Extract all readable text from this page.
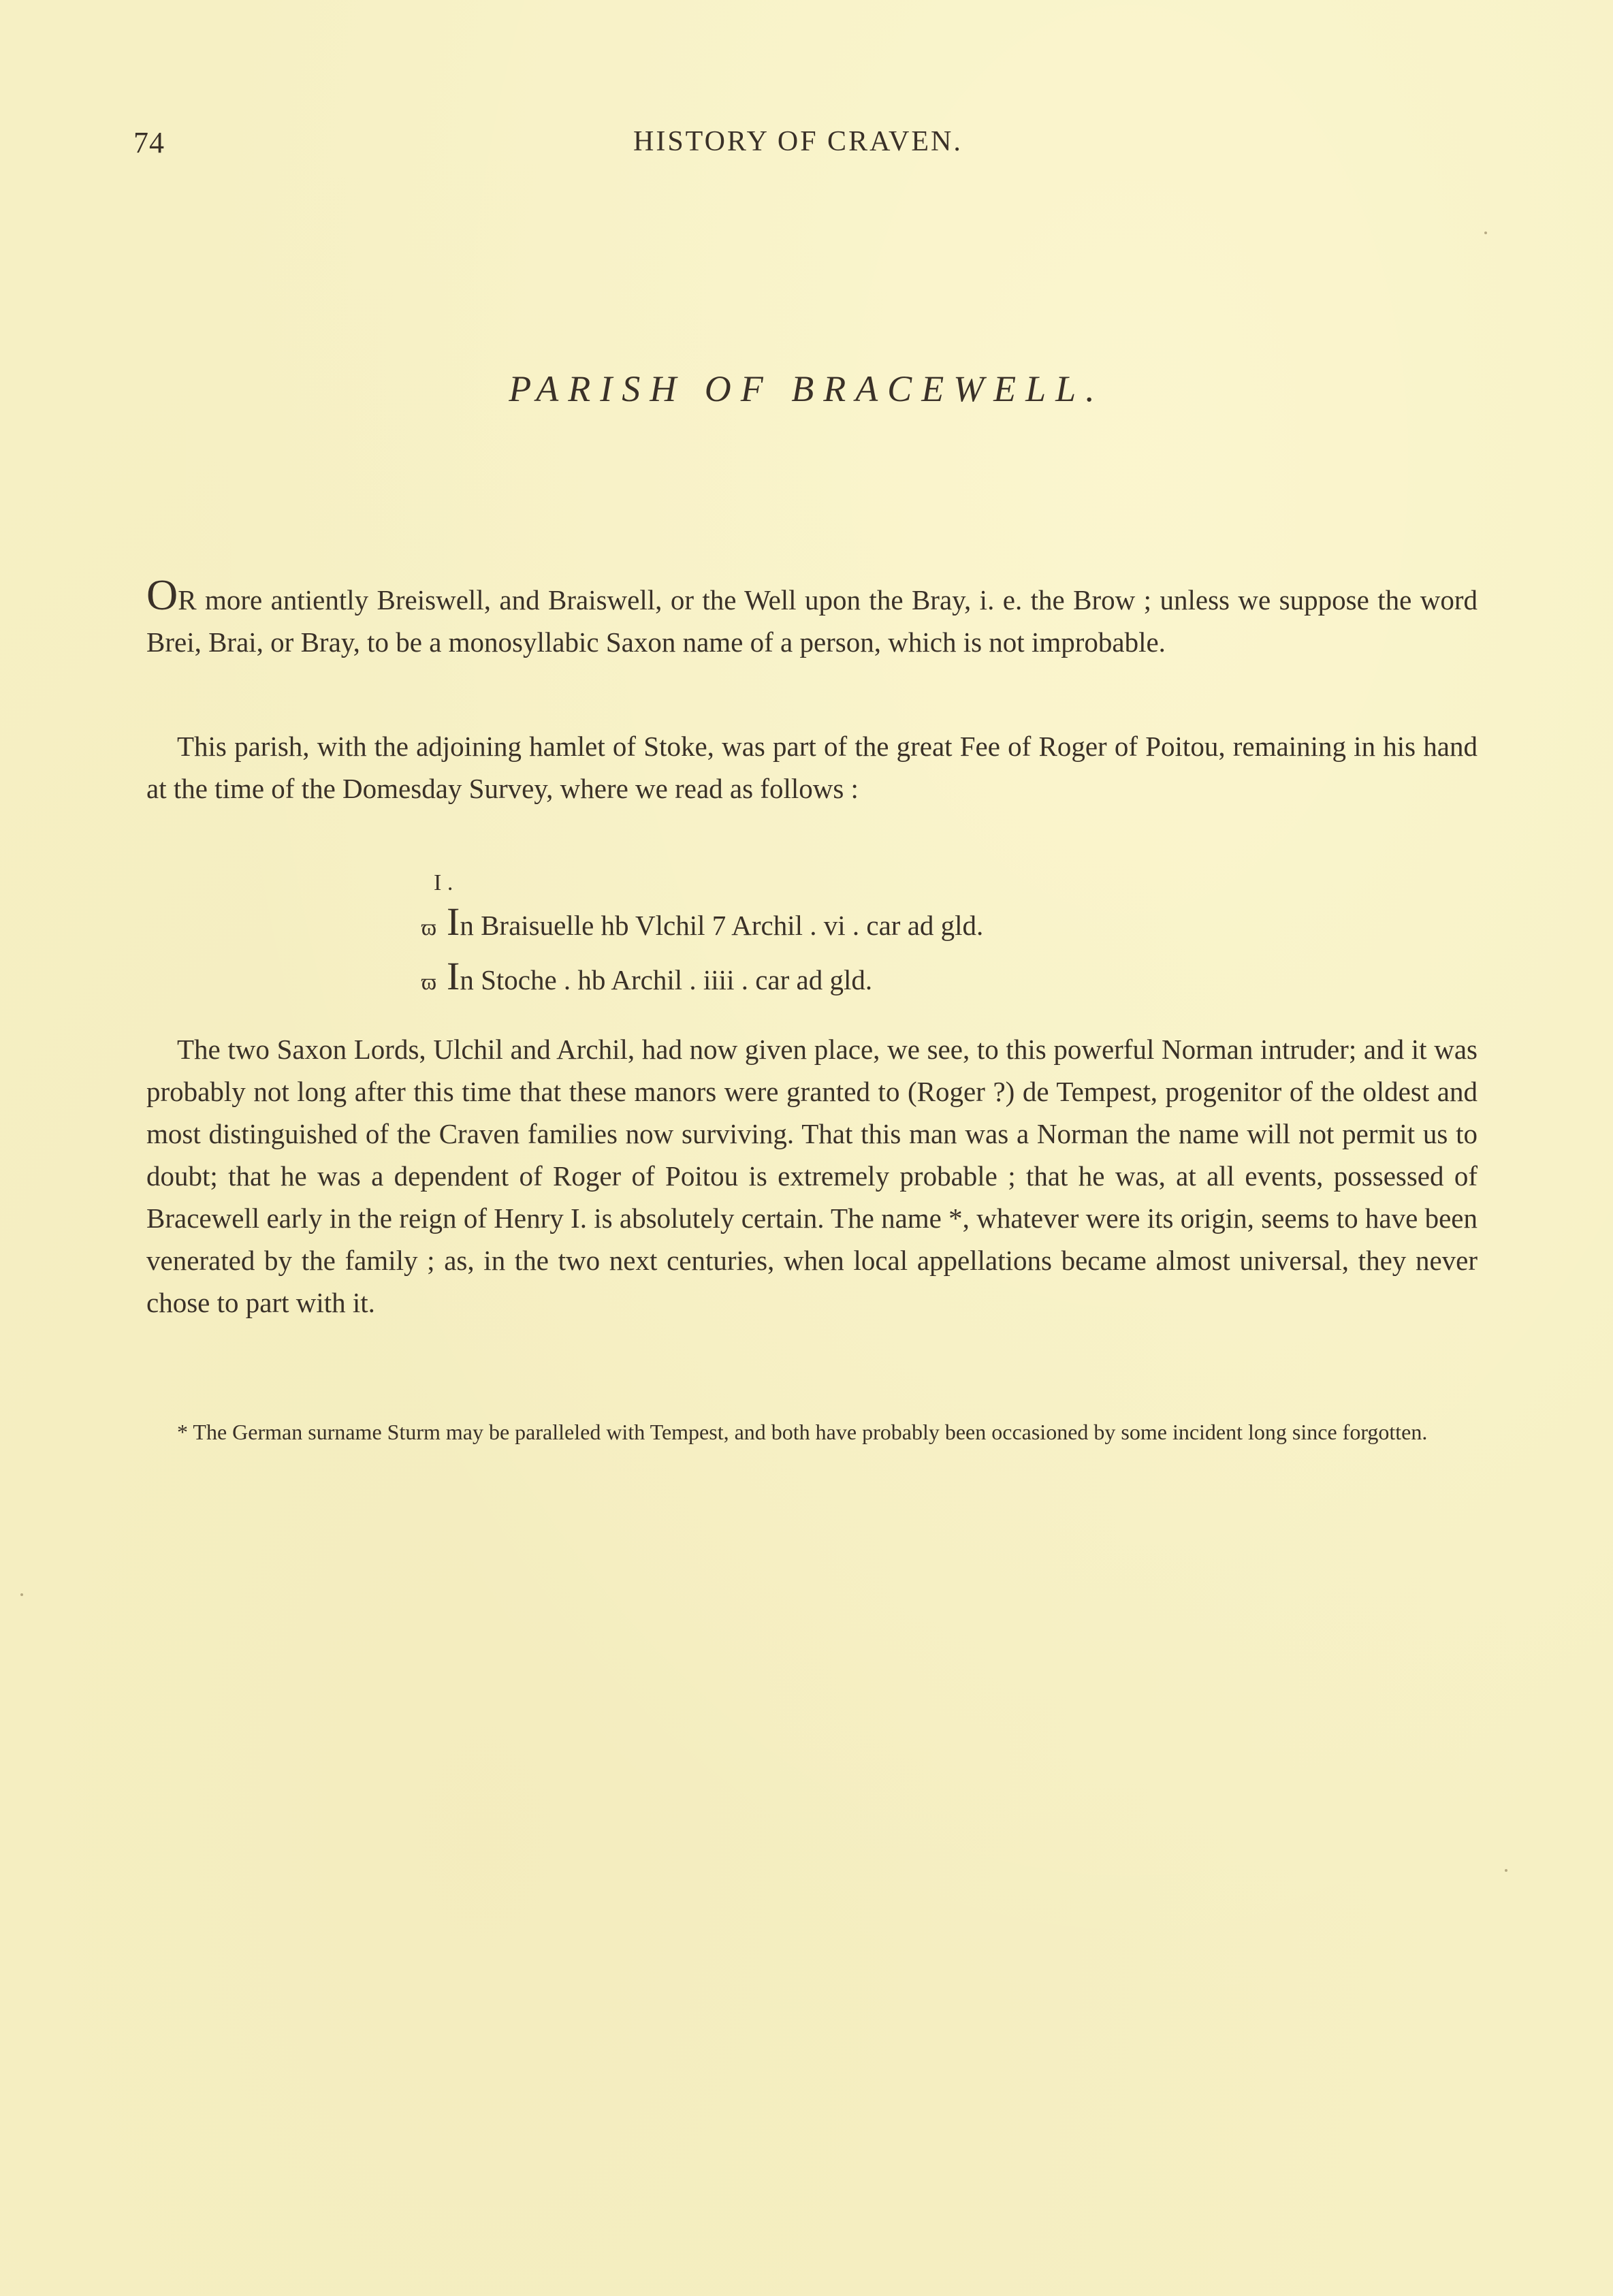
74	HISTORY OF CRAVEN.
PARISH OF BRACEWELL.
OR more antiently Breiswell, and Braiswell, or the Well upon the Bray, i. e. the Brow ; unless we suppose the word Brei, Brai, or Bray, to be a monosyllabic Saxon name of a person, which is not improbable.
This parish, with the adjoining hamlet of Stoke, was part of the great Fee of Roger of Poitou, remaining in his hand at the time of the Domesday Survey, where we read as follows :
I .
ϖ In Braisuelle hb Vlchil 7 Archil . vi . car ad gld.
ϖ In Stoche . hb Archil . iiii . car ad gld.
The two Saxon Lords, Ulchil and Archil, had now given place, we see, to this powerful Norman intruder; and it was probably not long after this time that these manors were granted to (Roger ?) de Tempest, progenitor of the oldest and most distinguished of the Craven families now surviving. That this man was a Norman the name will not permit us to doubt; that he was a dependent of Roger of Poitou is extremely probable ; that he was, at all events, possessed of Bracewell early in the reign of Henry I. is absolutely certain. The name *, whatever were its origin, seems to have been venerated by the family ; as, in the two next centuries, when local appellations became almost universal, they never chose to part with it.
* The German surname Sturm may be paralleled with Tempest, and both have probably been occasioned by some incident long since forgotten.
